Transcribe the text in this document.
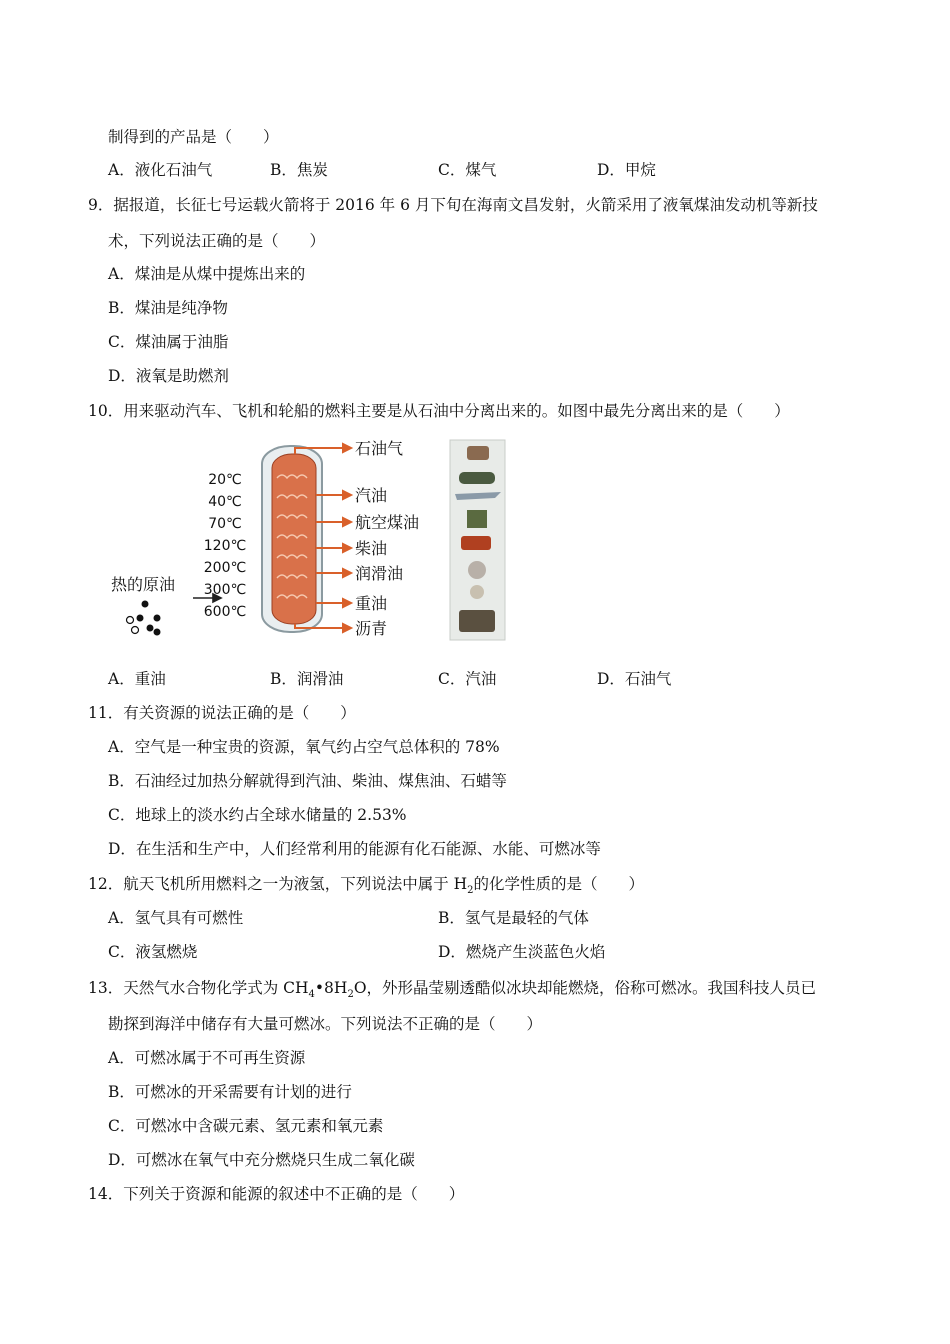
制得到的产品是（　　）
A．液化石油气	B．焦炭	C．煤气	D．甲烷
9．据报道，长征七号运载火箭将于 2016 年 6 月下旬在海南文昌发射，火箭采用了液氧煤油发动机等新技
术，下列说法正确的是（　　）
A．煤油是从煤中提炼出来的
B．煤油是纯净物
C．煤油属于油脂
D．液氧是助燃剂
10．用来驱动汽车、飞机和轮船的燃料主要是从石油中分离出来的。如图中最先分离出来的是（　　）
20℃
40℃
70℃
120℃
200℃
300℃
600℃
热的原油
石油气
汽油
航空煤油
柴油
润滑油
重油
沥青
A．重油	B．润滑油	C．汽油	D．石油气
11．有关资源的说法正确的是（　　）
A．空气是一种宝贵的资源，氧气约占空气总体积的 78%
B．石油经过加热分解就得到汽油、柴油、煤焦油、石蜡等
C．地球上的淡水约占全球水储量的 2.53%
D．在生活和生产中，人们经常利用的能源有化石能源、水能、可燃冰等
12．航天飞机所用燃料之一为液氢，下列说法中属于 $H_2$的化学性质的是（　　）
A．氢气具有可燃性	B．氢气是最轻的气体
C．液氢燃烧	D．燃烧产生淡蓝色火焰
13．天然气水合物化学式为 $CH_4•8H_2O$，外形晶莹剔透酷似冰块却能燃烧，俗称可燃冰。我国科技人员已
勘探到海洋中储存有大量可燃冰。下列说法不正确的是（　　）
A．可燃冰属于不可再生资源
B．可燃冰的开采需要有计划的进行
C．可燃冰中含碳元素、氢元素和氧元素
D．可燃冰在氧气中充分燃烧只生成二氧化碳
14．下列关于资源和能源的叙述中不正确的是（　　）
